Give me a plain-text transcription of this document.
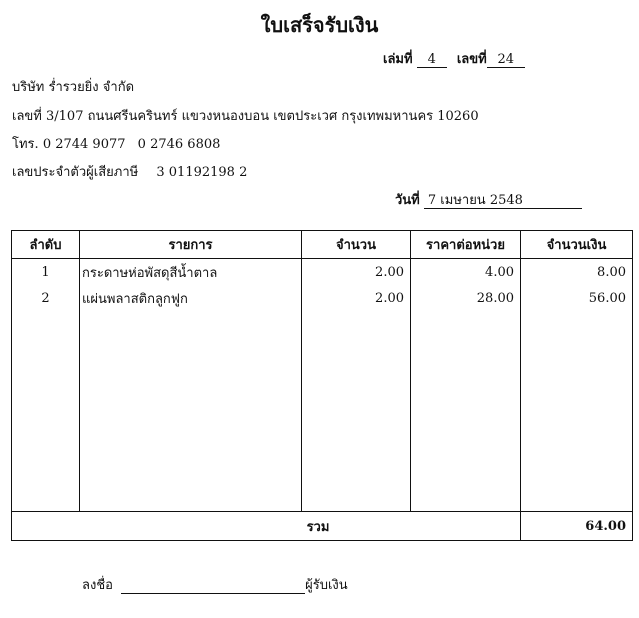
ใบเสร็จรับเงิน
เล่มที่ 4 เลขที่ 24
บริษัท ร่ำรวยยิ่ง จำกัด
เลขที่ 3/107 ถนนศรีนครินทร์ แขวงหนองบอน เขตประเวศ กรุงเทพมหานคร 10260
โทร. 0 2744 9077 0 2746 6808
เลขประจำตัวผู้เสียภาษี 3 01192198 2
วันที่ 7 เมษายน 2548
ลำดับ	รายการ	จำนวน	ราคาต่อหน่วย	จำนวนเงิน
1	กระดาษห่อพัสดุสีน้ำตาล	2.00	4.00	8.00
2	แผ่นพลาสติกลูกฟูก	2.00	28.00	56.00

รวม				64.00
ลงชื่อ	ผู้รับเงิน
